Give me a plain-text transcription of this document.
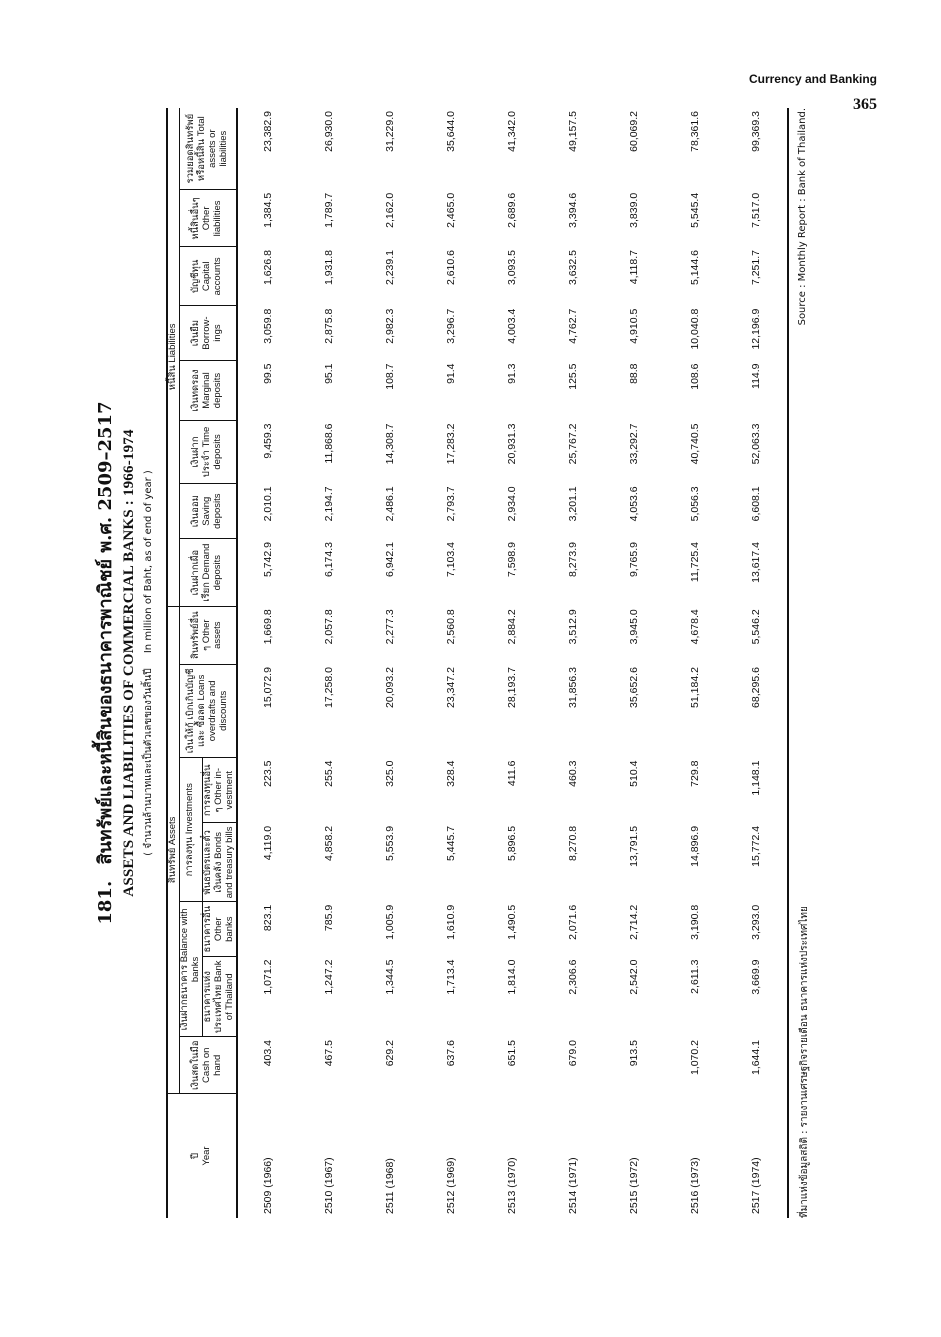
Currency and Banking
365
181. สินทรัพย์และหนี้สินของธนาคารพาณิชย์ พ.ศ. 2509–2517 ASSETS AND LIABILITIES OF COMMERCIAL BANKS : 1966-1974 ( จำนวนล้านบาทและเป็นตัวเลขของวันสิ้นปี In million of Baht, as of end of year )
ปี
Year	สินทรัพย์ Assets							หนี้สิน Liabilities							
	เงินสดในมือ Cash on hand	เงินฝากธนาคาร Balance with banks		การลงทุน Investments		เงินให้กู้ เบิกเกินบัญชีและ ซื้อลด Loans overdrafts and discounts	สินทรัพย์อื่น ๆ Other assets	เงินฝากเผื่อเรียก Demand deposits	เงินออม Saving deposits	เงินฝากประจำ Time deposits	เงินทดรอง Marginal deposits	เงินยืม Borrow-ings	บัญชีทุน Capital accounts	หนี้สินอื่นๆ Other liabilities	รวมยอดสินทรัพย์หรือหนี้สิน Total assets or liabilities
		ธนาคารแห่งประเทศไทย Bank of Thailand	ธนาคารอื่น Other banks	พันธบัตรและตั๋วเงินคลัง Bonds and treasury bills	การลงทุนอื่น ๆ Other in-vestment										
2509 (1966)	403.4	1,071.2	823.1	4,119.0	223.5	15,072.9	1,669.8	5,742.9	2,010.1	9,459.3	99.5	3,059.8	1,626.8	1,384.5	23,382.9
2510 (1967)	467.5	1,247.2	785.9	4,858.2	255.4	17,258.0	2,057.8	6,174.3	2,194.7	11,868.6	95.1	2,875.8	1,931.8	1,789.7	26,930.0
2511 (1968)	629.2	1,344.5	1,005.9	5,553.9	325.0	20,093.2	2,277.3	6,942.1	2,486.1	14,308.7	108.7	2,982.3	2,239.1	2,162.0	31,229.0
2512 (1969)	637.6	1,713.4	1,610.9	5,445.7	328.4	23,347.2	2,560.8	7,103.4	2,793.7	17,283.2	91.4	3,296.7	2,610.6	2,465.0	35,644.0
2513 (1970)	651.5	1,814.0	1,490.5	5,896.5	411.6	28,193.7	2,884.2	7,598.9	2,934.0	20,931.3	91.3	4,003.4	3,093.5	2,689.6	41,342.0
2514 (1971)	679.0	2,306.6	2,071.6	8,270.8	460.3	31,856.3	3,512.9	8,273.9	3,201.1	25,767.2	125.5	4,762.7	3,632.5	3,394.6	49,157.5
2515 (1972)	913.5	2,542.0	2,714.2	13,791.5	510.4	35,652.6	3,945.0	9,765.9	4,053.6	33,292.7	88.8	4,910.5	4,118.7	3,839.0	60,069.2
2516 (1973)	1,070.2	2,611.3	3,190.8	14,896.9	729.8	51,184.2	4,678.4	11,725.4	5,056.3	40,740.5	108.6	10,040.8	5,144.6	5,545.4	78,361.6
2517 (1974)	1,644.1	3,669.9	3,293.0	15,772.4	1,148.1	68,295.6	5,546.2	13,617.4	6,608.1	52,063.3	114.9	12,196.9	7,251.7	7,517.0	99,369.3
ที่มาแห่งข้อมูลสถิติ : รายงานเศรษฐกิจรายเดือน ธนาคารแห่งประเทศไทย
Source : Monthly Report : Bank of Thailand.
